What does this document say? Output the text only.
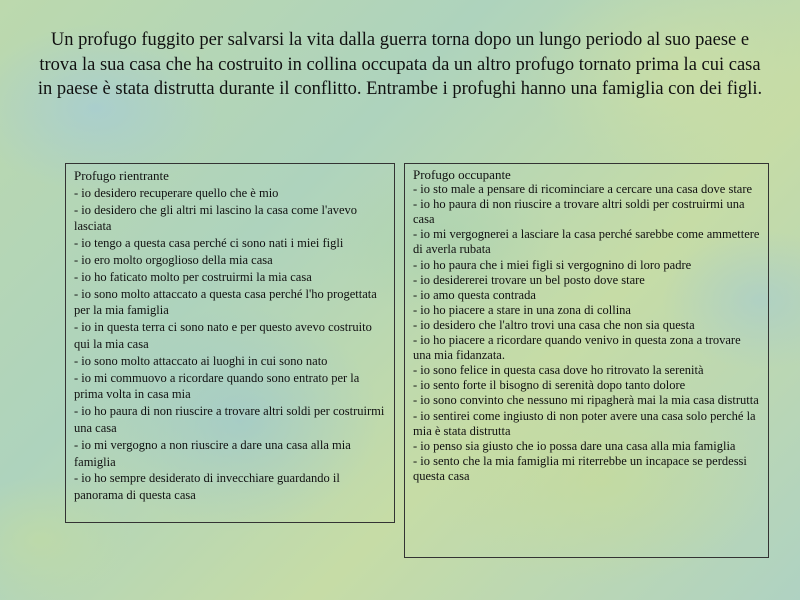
Un profugo fuggito per salvarsi la vita dalla guerra torna dopo un lungo periodo al suo paese e trova la sua casa che ha costruito in collina occupata da un altro profugo tornato prima la cui casa in paese è stata distrutta durante il conflitto. Entrambe i profughi hanno una famiglia con dei figli.

Profugo rientrante

- io desidero recuperare quello che è mio
- io desidero che gli altri mi lascino la casa come l'avevo lasciata
- io tengo a questa casa perché ci sono nati i miei figli
- io ero molto orgoglioso della mia casa
- io ho faticato molto per costruirmi la mia casa
- io sono molto attaccato a questa casa perché l'ho progettata per la mia famiglia
- io in questa terra ci sono nato e per questo avevo costruito qui la mia casa
- io sono molto attaccato ai luoghi in cui sono nato
- io mi commuovo a ricordare quando sono entrato per la prima volta in casa mia
- io ho paura di non riuscire a trovare altri soldi per costruirmi una casa
- io mi vergogno a non riuscire a dare una casa alla mia famiglia
- io ho sempre desiderato di invecchiare guardando il panorama di questa casa

Profugo occupante

- io sto male a pensare di ricominciare a cercare una casa dove stare
- io ho paura di non riuscire a trovare altri soldi per costruirmi una casa
- io mi vergognerei a lasciare la casa perché sarebbe come ammettere di averla rubata
- io ho paura che i miei figli si vergognino di loro padre
- io desidererei trovare un bel posto dove stare
- io amo questa contrada
- io ho piacere a stare in una zona di collina
- io desidero che l'altro trovi una casa che non sia questa
- io ho piacere a ricordare quando venivo in questa zona a trovare una mia fidanzata.
- io sono felice in questa casa dove ho ritrovato la serenità
- io sento forte il bisogno di serenità dopo tanto dolore
- io sono convinto che nessuno mi ripagherà mai la mia casa distrutta
- io sentirei come ingiusto di non poter avere una casa solo perché la mia è stata distrutta
- io penso sia giusto che io possa dare una casa alla mia famiglia
- io sento che la mia famiglia mi riterrebbe un incapace se perdessi questa casa
